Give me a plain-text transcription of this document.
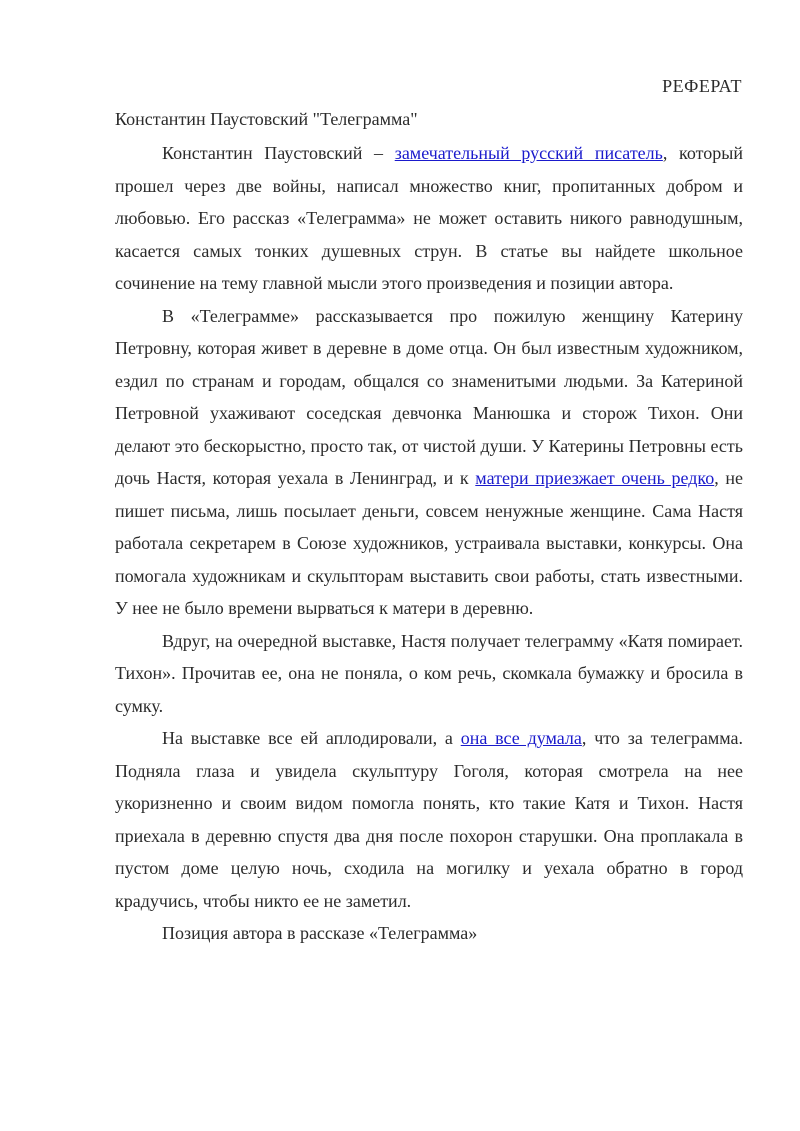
РЕФЕРАТ
Константин Паустовский "Телеграмма"

Константин Паустовский – замечательный русский писатель, который прошел через две войны, написал множество книг, пропитанных добром и любовью. Его рассказ «Телеграмма» не может оставить никого равнодушным, касается самых тонких душевных струн. В статье вы найдете школьное сочинение на тему главной мысли этого произведения и позиции автора.

В «Телеграмме» рассказывается про пожилую женщину Катерину Петровну, которая живет в деревне в доме отца. Он был известным художником, ездил по странам и городам, общался со знаменитыми людьми. За Катериной Петровной ухаживают соседская девчонка Манюшка и сторож Тихон. Они делают это бескорыстно, просто так, от чистой души. У Катерины Петровны есть дочь Настя, которая уехала в Ленинград, и к матери приезжает очень редко, не пишет письма, лишь посылает деньги, совсем ненужные женщине. Сама Настя работала секретарем в Союзе художников, устраивала выставки, конкурсы. Она помогала художникам и скульпторам выставить свои работы, стать известными. У нее не было времени вырваться к матери в деревню.

Вдруг, на очередной выставке, Настя получает телеграмму «Катя помирает. Тихон». Прочитав ее, она не поняла, о ком речь, скомкала бумажку и бросила в сумку.

На выставке все ей аплодировали, а она все думала, что за телеграмма. Подняла глаза и увидела скульптуру Гоголя, которая смотрела на нее укоризненно и своим видом помогла понять, кто такие Катя и Тихон. Настя приехала в деревню спустя два дня после похорон старушки. Она проплакала в пустом доме целую ночь, сходила на могилку и уехала обратно в город крадучись, чтобы никто ее не заметил.

Позиция автора в рассказе «Телеграмма»
